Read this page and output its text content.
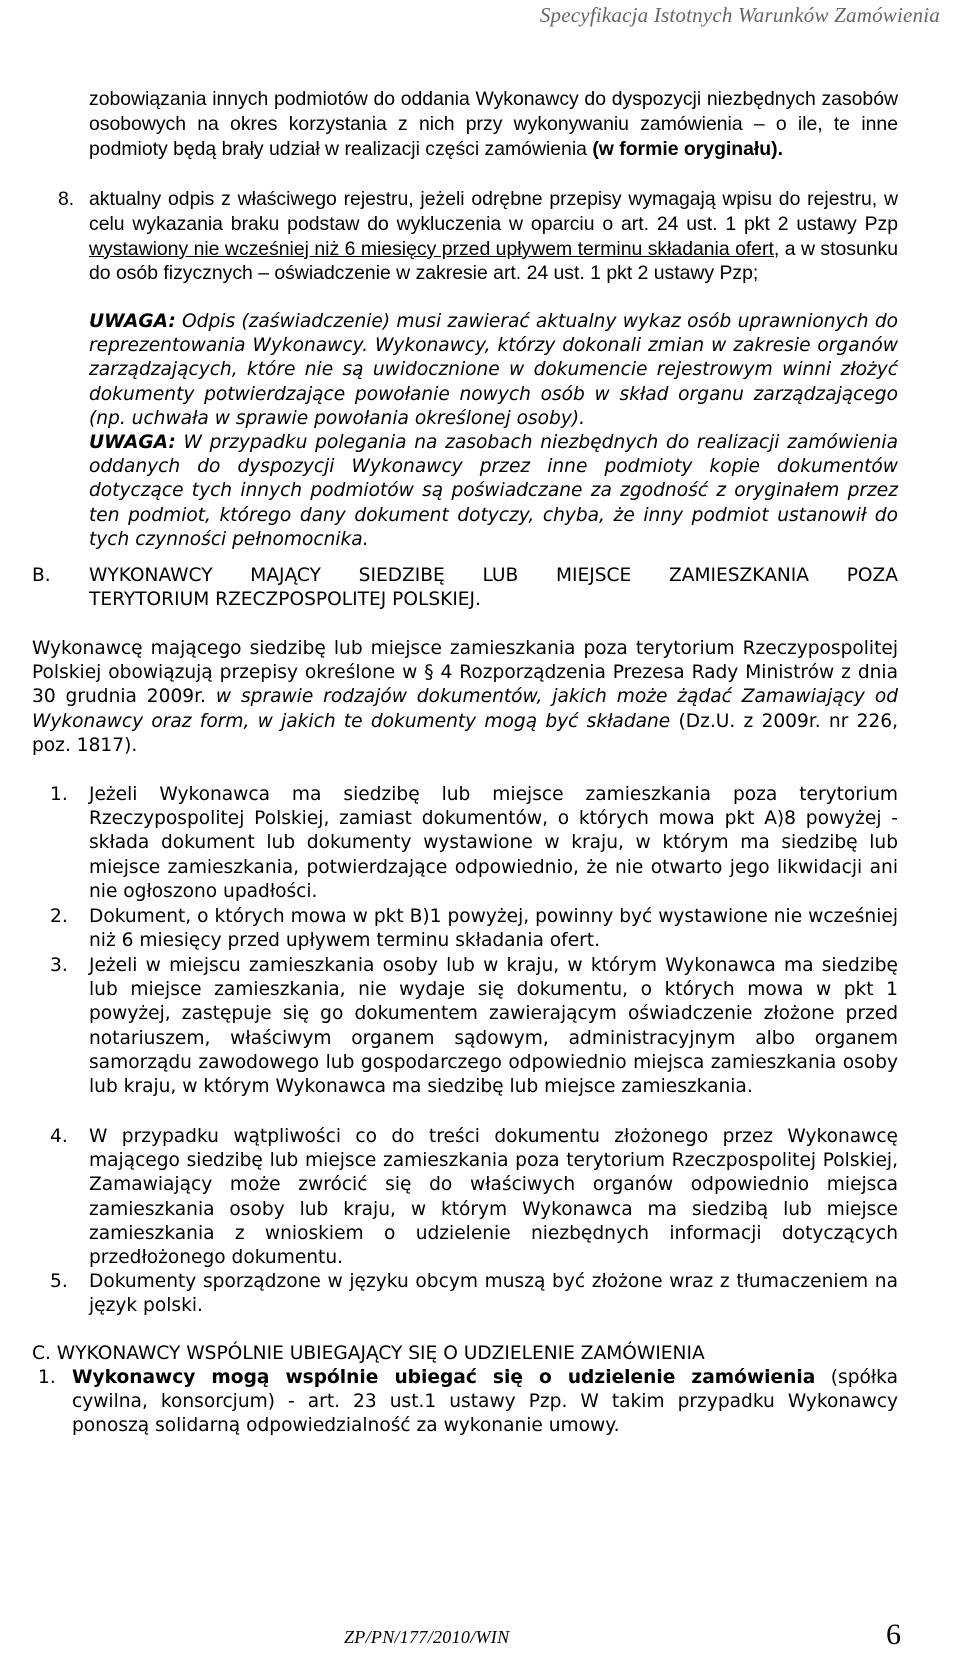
Specyfikacja Istotnych Warunków Zamówienia
zobowiązania innych podmiotów do oddania Wykonawcy do dyspozycji niezbędnych zasobów osobowych na okres korzystania z nich przy wykonywaniu zamówienia – o ile, te inne podmioty będą brały udział w realizacji części zamówienia (w formie oryginału).
8. aktualny odpis z właściwego rejestru, jeżeli odrębne przepisy wymagają wpisu do rejestru, w celu wykazania braku podstaw do wykluczenia w oparciu o art. 24 ust. 1 pkt 2 ustawy Pzp wystawiony nie wcześniej niż 6 miesięcy przed upływem terminu składania ofert, a w stosunku do osób fizycznych – oświadczenie w zakresie art. 24 ust. 1 pkt 2 ustawy Pzp;
UWAGA: Odpis (zaświadczenie) musi zawierać aktualny wykaz osób uprawnionych do reprezentowania Wykonawcy. Wykonawcy, którzy dokonali zmian w zakresie organów zarządzających, które nie są uwidocznione w dokumencie rejestrowym winni złożyć dokumenty potwierdzające powołanie nowych osób w skład organu zarządzającego (np. uchwała w sprawie powołania określonej osoby).
UWAGA: W przypadku polegania na zasobach niezbędnych do realizacji zamówienia oddanych do dyspozycji Wykonawcy przez inne podmioty kopie dokumentów dotyczące tych innych podmiotów są poświadczane za zgodność z oryginałem przez ten podmiot, którego dany dokument dotyczy, chyba, że inny podmiot ustanowił do tych czynności pełnomocnika.
B. WYKONAWCY MAJĄCY SIEDZIBĘ LUB MIEJSCE ZAMIESZKANIA POZA
TERYTORIUM RZECZPOSPOLITEJ POLSKIEJ.
Wykonawcę mającego siedzibę lub miejsce zamieszkania poza terytorium Rzeczypospolitej Polskiej obowiązują przepisy określone w § 4 Rozporządzenia Prezesa Rady Ministrów z dnia 30 grudnia 2009r. w sprawie rodzajów dokumentów, jakich może żądać Zamawiający od Wykonawcy oraz form, w jakich te dokumenty mogą być składane (Dz.U. z 2009r. nr 226, poz. 1817).
1. Jeżeli Wykonawca ma siedzibę lub miejsce zamieszkania poza terytorium Rzeczypospolitej Polskiej, zamiast dokumentów, o których mowa pkt A)8 powyżej - składa dokument lub dokumenty wystawione w kraju, w którym ma siedzibę lub miejsce zamieszkania, potwierdzające odpowiednio, że nie otwarto jego likwidacji ani nie ogłoszono upadłości.
2. Dokument, o których mowa w pkt B)1 powyżej, powinny być wystawione nie wcześniej niż 6 miesięcy przed upływem terminu składania ofert.
3. Jeżeli w miejscu zamieszkania osoby lub w kraju, w którym Wykonawca ma siedzibę lub miejsce zamieszkania, nie wydaje się dokumentu, o których mowa w pkt 1 powyżej, zastępuje się go dokumentem zawierającym oświadczenie złożone przed notariuszem, właściwym organem sądowym, administracyjnym albo organem samorządu zawodowego lub gospodarczego odpowiednio miejsca zamieszkania osoby lub kraju, w którym Wykonawca ma siedzibę lub miejsce zamieszkania.
4. W przypadku wątpliwości co do treści dokumentu złożonego przez Wykonawcę mającego siedzibę lub miejsce zamieszkania poza terytorium Rzeczpospolitej Polskiej, Zamawiający może zwrócić się do właściwych organów odpowiednio miejsca zamieszkania osoby lub kraju, w którym Wykonawca ma siedzibą lub miejsce zamieszkania z wnioskiem o udzielenie niezbędnych informacji dotyczących przedłożonego dokumentu.
5. Dokumenty sporządzone w języku obcym muszą być złożone wraz z tłumaczeniem na język polski.
C. WYKONAWCY WSPÓLNIE UBIEGAJĄCY SIĘ O UDZIELENIE ZAMÓWIENIA
1. Wykonawcy mogą wspólnie ubiegać się o udzielenie zamówienia (spółka cywilna, konsorcjum) - art. 23 ust.1 ustawy Pzp. W takim przypadku Wykonawcy ponoszą solidarną odpowiedzialność za wykonanie umowy.
ZP/PN/177/2010/WIN	6
